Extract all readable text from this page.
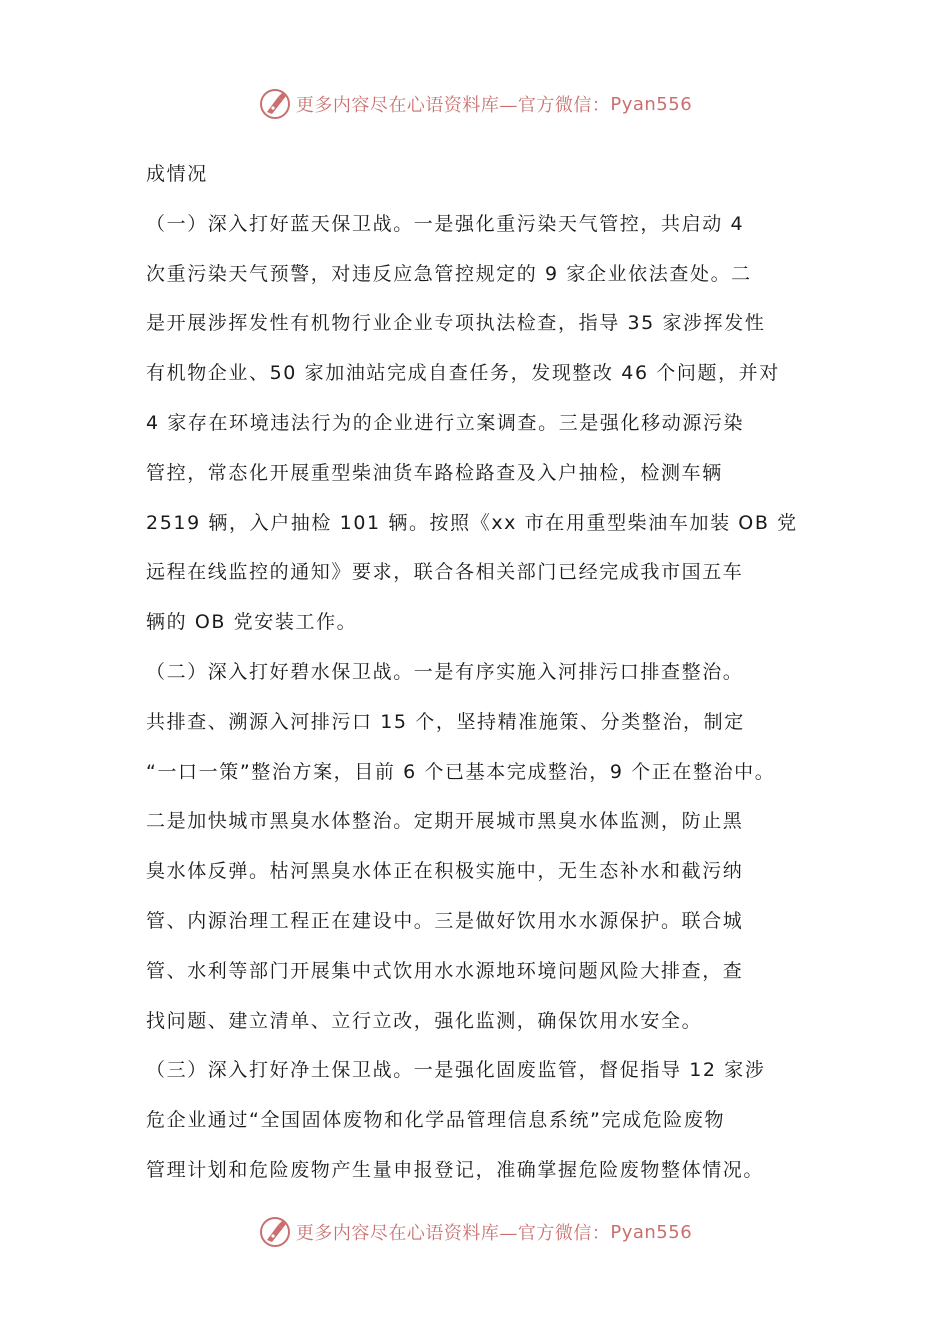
更多内容尽在心语资料库—官方微信： Pyan556
成情况
（一）深入打好蓝天保卫战。一是强化重污染天气管控，共启动 4
次重污染天气预警，对违反应急管控规定的 9 家企业依法查处。二
是开展涉挥发性有机物行业企业专项执法检查，指导 35 家涉挥发性
有机物企业、50 家加油站完成自查任务，发现整改 46 个问题，并对
4 家存在环境违法行为的企业进行立案调查。三是强化移动源污染
管控，常态化开展重型柴油货车路检路查及入户抽检，检测车辆
2519 辆，入户抽检 101 辆。按照《xx 市在用重型柴油车加装 OB 党
远程在线监控的通知》要求，联合各相关部门已经完成我市国五车
辆的 OB 党安装工作。
（二）深入打好碧水保卫战。一是有序实施入河排污口排查整治。
共排查、溯源入河排污口 15 个，坚持精准施策、分类整治，制定
“一口一策”整治方案，目前 6 个已基本完成整治，9 个正在整治中。
二是加快城市黑臭水体整治。定期开展城市黑臭水体监测，防止黑
臭水体反弹。枯河黑臭水体正在积极实施中，无生态补水和截污纳
管、内源治理工程正在建设中。三是做好饮用水水源保护。联合城
管、水利等部门开展集中式饮用水水源地环境问题风险大排查，查
找问题、建立清单、立行立改，强化监测，确保饮用水安全。
（三）深入打好净土保卫战。一是强化固废监管，督促指导 12 家涉
危企业通过“全国固体废物和化学品管理信息系统”完成危险废物
管理计划和危险废物产生量申报登记，准确掌握危险废物整体情况。
更多内容尽在心语资料库—官方微信： Pyan556
